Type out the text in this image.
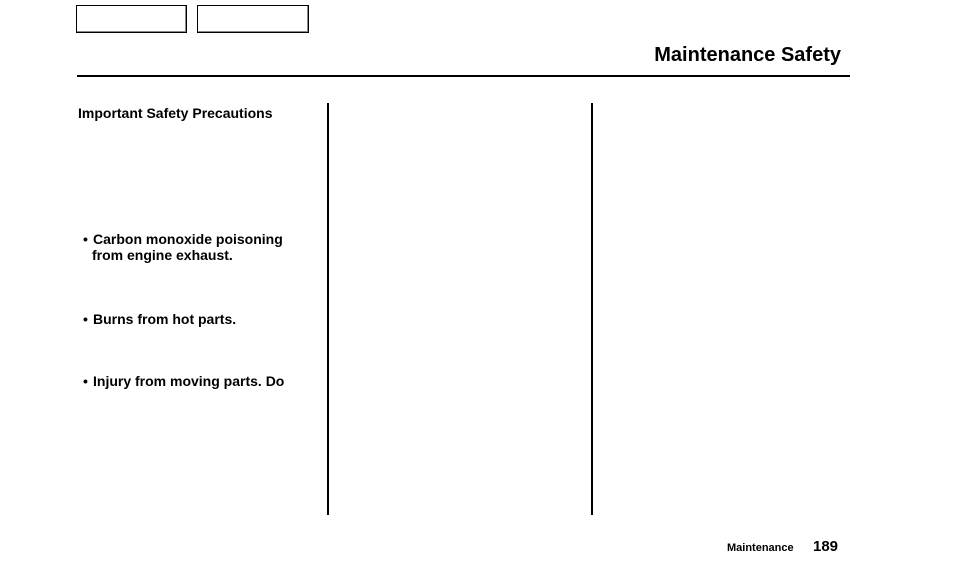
Maintenance Safety
Important Safety Precautions
• Carbon monoxide poisoning
from engine exhaust.
• Burns from hot parts.
• Injury from moving parts. Do
Maintenance 189
